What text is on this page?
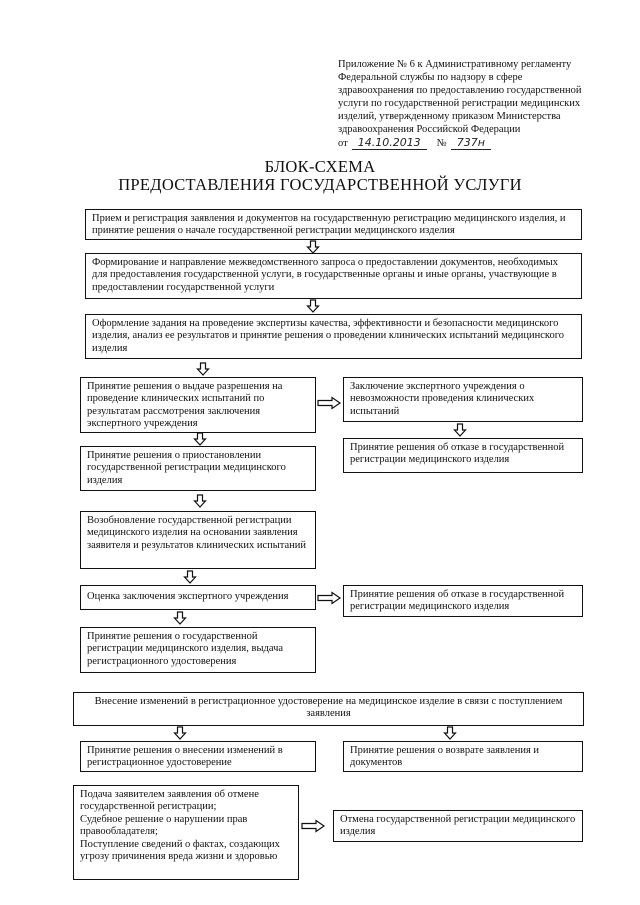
Приложение № 6 к Административному регламенту
Федеральной службы по надзору в сфере
здравоохранения по предоставлению государственной
услуги по государственной регистрации медицинских
изделий, утвержденному приказом Министерства
здравоохранения Российской Федерации
от 14.10.2013	№ 737н
БЛОК-СХЕМА
ПРЕДОСТАВЛЕНИЯ ГОСУДАРСТВЕННОЙ УСЛУГИ
Прием и регистрация заявления и документов на государственную регистрацию медицинского изделия, и принятие решения о начале государственной регистрации медицинского изделия
Формирование и направление межведомственного запроса о предоставлении документов, необходимых для предоставления государственной услуги, в государственные органы и иные органы, участвующие в предоставлении государственной услуги
Оформление задания на проведение экспертизы качества, эффективности и безопасности медицинского изделия, анализ ее результатов и принятие решения о проведении клинических испытаний медицинского изделия
Принятие решения о выдаче разрешения на проведение клинических испытаний по результатам рассмотрения заключения экспертного учреждения
Заключение экспертного учреждения о невозможности проведения клинических испытаний
Принятие решения об отказе в государственной регистрации медицинского изделия
Принятие решения о приостановлении государственной регистрации медицинского изделия
Возобновление государственной регистрации медицинского изделия на основании заявления заявителя и результатов клинических испытаний
Оценка заключения экспертного учреждения	Принятие решения об отказе в государственной регистрации медицинского изделия
Принятие решения о государственной регистрации медицинского изделия, выдача регистрационного удостоверения
Внесение изменений в регистрационное удостоверение на медицинское изделие в связи с поступлением заявления
Принятие решения о внесении изменений в регистрационное удостоверение
Принятие решения о возврате заявления и документов
Подача заявителем заявления об отмене государственной регистрации;
Судебное решение о нарушении прав правообладателя;
Поступление сведений о фактах, создающих угрозу причинения вреда жизни и здоровью
Отмена государственной регистрации медицинского изделия
